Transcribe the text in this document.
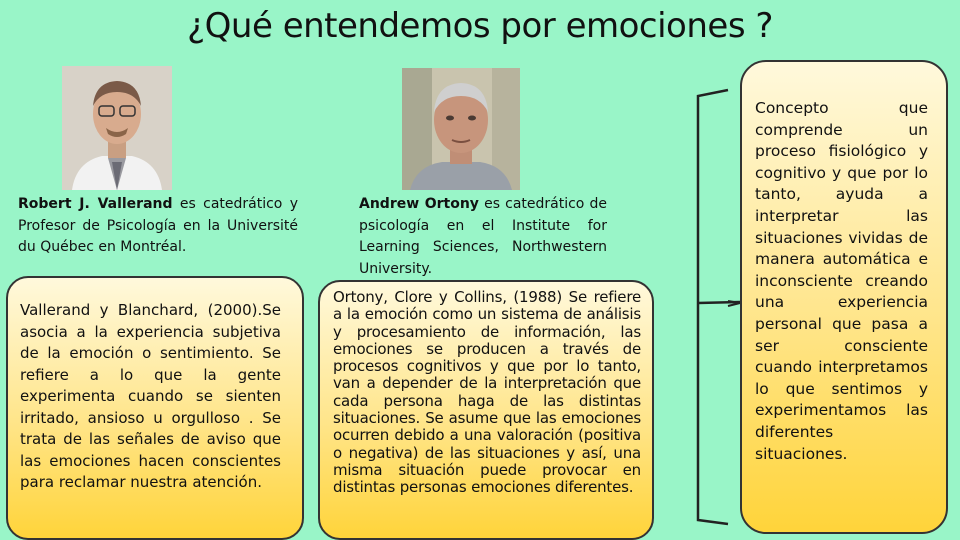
¿Qué entendemos por emociones ?
Robert J. Vallerand es catedrático y Profesor de Psicología en la Université du Québec en Montréal.
Andrew Ortony es catedrático de psicología en el Institute for Learning Sciences, Northwestern University.
Vallerand y Blanchard, (2000).Se asocia a la experiencia subjetiva de la emoción o sentimiento. Se refiere a lo que la gente experimenta cuando se sienten irritado, ansioso u orgulloso . Se trata de las señales de aviso que las emociones hacen conscientes para reclamar nuestra atención.
Ortony, Clore y Collins, (1988) Se refiere a la emoción como un sistema de análisis y procesamiento de información, las emociones se producen a través de procesos cognitivos y que por lo tanto, van a depender de la interpretación que cada persona haga de las distintas situaciones. Se asume que las emociones ocurren debido a una valoración (positiva o negativa) de las situaciones y así, una misma situación puede provocar en distintas personas emociones diferentes.
Concepto que comprende un proceso fisiológico y cognitivo y que por lo tanto, ayuda a interpretar las situaciones vividas de manera automática e inconsciente creando una experiencia personal que pasa a ser consciente cuando interpretamos lo que sentimos y experimentamos las diferentes situaciones.
